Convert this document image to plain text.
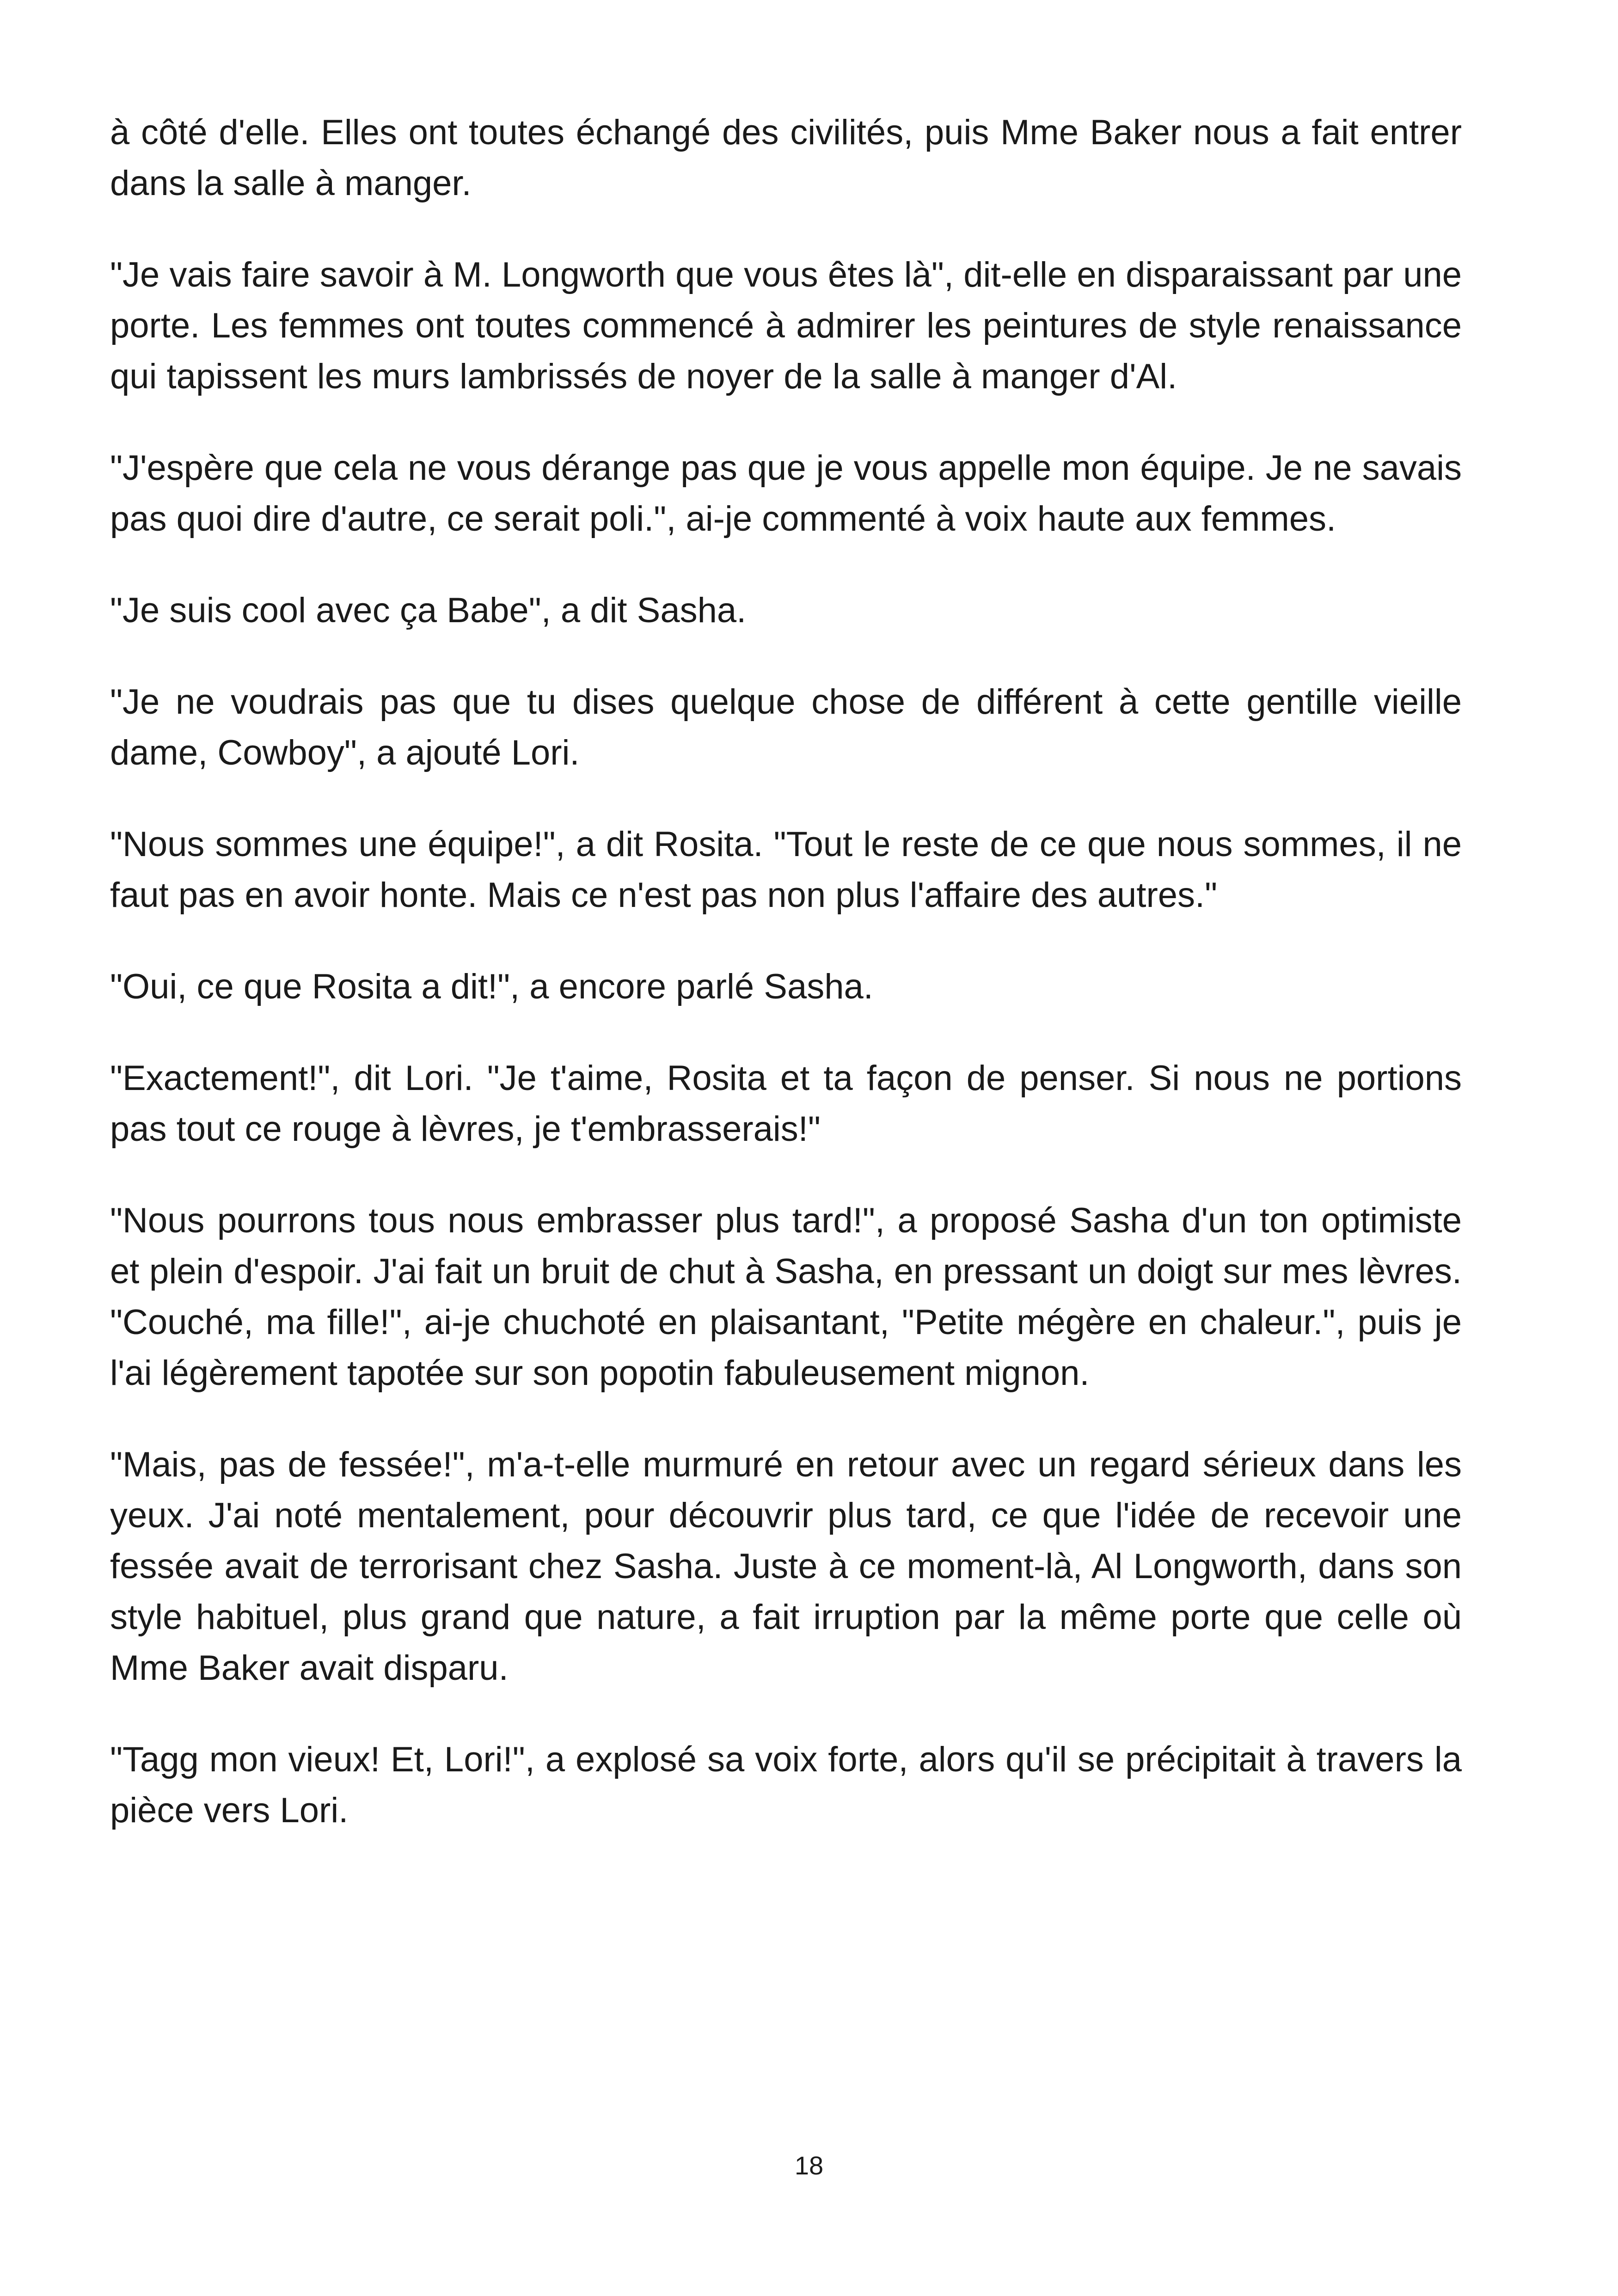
à côté d'elle. Elles ont toutes échangé des civilités, puis Mme Baker nous a fait entrer dans la salle à manger.

"Je vais faire savoir à M. Longworth que vous êtes là", dit-elle en disparaissant par une porte. Les femmes ont toutes commencé à admirer les peintures de style renaissance qui tapissent les murs lambrissés de noyer de la salle à manger d'Al.

"J'espère que cela ne vous dérange pas que je vous appelle mon équipe. Je ne savais pas quoi dire d'autre, ce serait poli.", ai-je commenté à voix haute aux femmes.

"Je suis cool avec ça Babe", a dit Sasha.

"Je ne voudrais pas que tu dises quelque chose de différent à cette gentille vieille dame, Cowboy", a ajouté Lori.

"Nous sommes une équipe!", a dit Rosita. "Tout le reste de ce que nous sommes, il ne faut pas en avoir honte. Mais ce n'est pas non plus l'affaire des autres."

"Oui, ce que Rosita a dit!", a encore parlé Sasha.

"Exactement!", dit Lori. "Je t'aime, Rosita et ta façon de penser. Si nous ne portions pas tout ce rouge à lèvres, je t'embrasserais!"

"Nous pourrons tous nous embrasser plus tard!", a proposé Sasha d'un ton optimiste et plein d'espoir. J'ai fait un bruit de chut à Sasha, en pressant un doigt sur mes lèvres. "Couché, ma fille!", ai-je chuchoté en plaisantant, "Petite mégère en chaleur.", puis je l'ai légèrement tapotée sur son popotin fabuleusement mignon.

"Mais, pas de fessée!", m'a-t-elle murmuré en retour avec un regard sérieux dans les yeux. J'ai noté mentalement, pour découvrir plus tard, ce que l'idée de recevoir une fessée avait de terrorisant chez Sasha. Juste à ce moment-là, Al Longworth, dans son style habituel, plus grand que nature, a fait irruption par la même porte que celle où Mme Baker avait disparu.

"Tagg mon vieux! Et, Lori!", a explosé sa voix forte, alors qu'il se précipitait à travers la pièce vers Lori.

18
